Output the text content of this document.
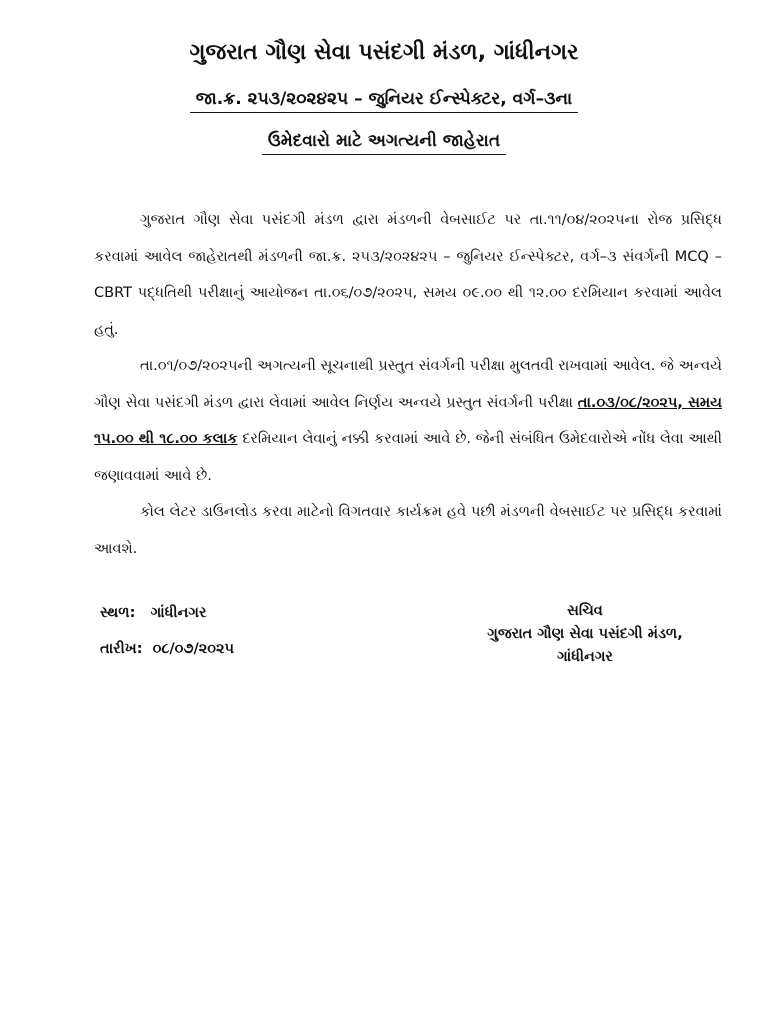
ગુજરાત ગૌણ સેવા પસંદગી મંડળ, ગાંધીનગર
જા.ક્ર. ૨૫૩/૨૦૨૪૨૫ – જુનિયર ઈન્સ્પેક્ટર, વર્ગ–૩ના
ઉમેદવારો માટે અગત્યની જાહેરાત

ગુજરાત ગૌણ સેવા પસંદગી મંડળ દ્વારા મંડળની વેબસાઈટ પર તા.૧૧/૦૪/૨૦૨૫ના રોજ પ્રસિદ્ધ કરવામાં આવેલ જાહેરાતથી મંડળની જા.ક્ર. ૨૫૩/૨૦૨૪૨૫ – જુનિયર ઈન્સ્પેક્ટર, વર્ગ–૩ સંવર્ગની MCQ – CBRT પદ્ધતિથી પરીક્ષાનું આયોજન તા.૦૬/૦૭/૨૦૨૫, સમય ૦૯.૦૦ થી ૧૨.૦૦ દરમિયાન કરવામાં આવેલ હતું.

તા.૦૧/૦૭/૨૦૨૫ની અગત્યની સૂચનાથી પ્રસ્તુત સંવર્ગની પરીક્ષા મુલતવી રાખવામાં આવેલ. જે અન્વયે ગૌણ સેવા પસંદગી મંડળ દ્વારા લેવામાં આવેલ નિર્ણય અન્વયે પ્રસ્તુત સંવર્ગની પરીક્ષા તા.૦૩/૦૮/૨૦૨૫, સમય ૧૫.૦૦ થી ૧૮.૦૦ કલાક દરમિયાન લેવાનું નક્કી કરવામાં આવે છે. જેની સંબંધિત ઉમેદવારોએ નોંધ લેવા આથી જણાવવામાં આવે છે.

કોલ લેટર ડાઉનલોડ કરવા માટેનો વિગતવાર કાર્યક્રમ હવે પછી મંડળની વેબસાઈટ પર પ્રસિદ્ધ કરવામાં આવશે.

સ્થળ: ગાંધીનગર
તારીખ: ૦૮/૦૭/૨૦૨૫
સચિવ
ગુજરાત ગૌણ સેવા પસંદગી મંડળ,
ગાંધીનગર
